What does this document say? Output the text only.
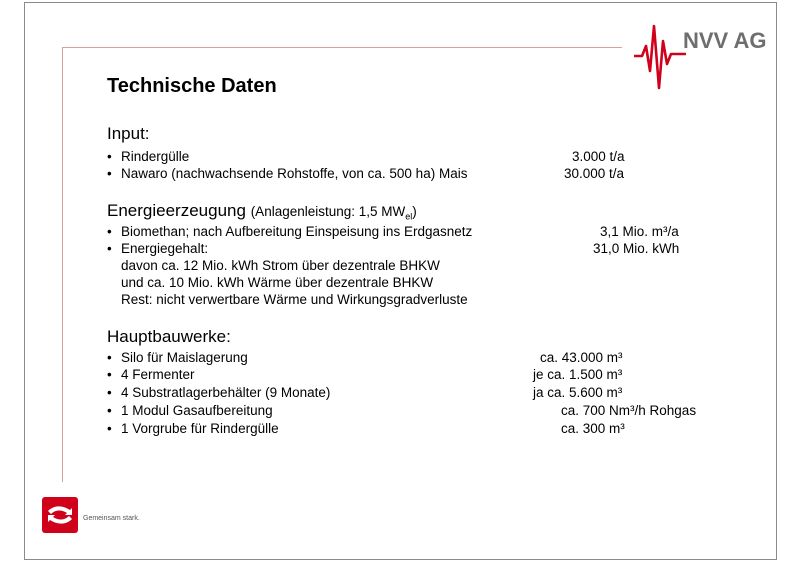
NVV AG
Technische Daten
Input:
• Rindergülle	3.000 t/a
• Nawaro (nachwachsende Rohstoffe, von ca. 500 ha) Mais	30.000 t/a
Energieerzeugung (Anlagenleistung: 1,5 $MW_{el}$)
• Biomethan; nach Aufbereitung Einspeisung ins Erdgasnetz	3,1 Mio. m³/a
• Energiegehalt:	31,0 Mio. kWh
davon ca. 12 Mio. kWh Strom über dezentrale BHKW
und ca. 10 Mio. kWh Wärme über dezentrale BHKW
Rest: nicht verwertbare Wärme und Wirkungsgradverluste
Hauptbauwerke:
• Silo für Maislagerung	ca. 43.000 m³
• 4 Fermenter	je ca. 1.500 m³
• 4 Substratlagerbehälter (9 Monate)	ja ca. 5.600 m³
• 1 Modul Gasaufbereitung	ca. 700 Nm³/h Rohgas
• 1 Vorgrube für Rindergülle	ca. 300 m³
Gemeinsam stark.
